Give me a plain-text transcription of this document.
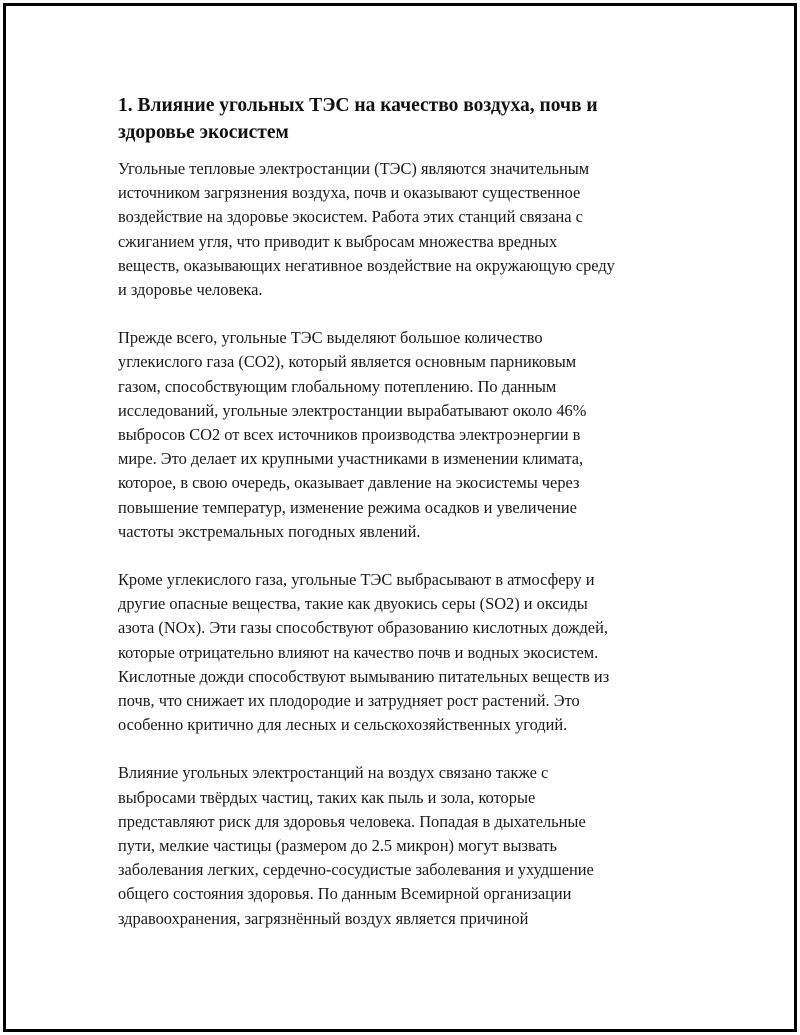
1. Влияние угольных ТЭС на качество воздуха, почв и
здоровье экосистем

Угольные тепловые электростанции (ТЭС) являются значительным
источником загрязнения воздуха, почв и оказывают существенное
воздействие на здоровье экосистем. Работа этих станций связана с
сжиганием угля, что приводит к выбросам множества вредных
веществ, оказывающих негативное воздействие на окружающую среду
и здоровье человека.

Прежде всего, угольные ТЭС выделяют большое количество
углекислого газа (CO2), который является основным парниковым
газом, способствующим глобальному потеплению. По данным
исследований, угольные электростанции вырабатывают около 46%
выбросов CO2 от всех источников производства электроэнергии в
мире. Это делает их крупными участниками в изменении климата,
которое, в свою очередь, оказывает давление на экосистемы через
повышение температур, изменение режима осадков и увеличение
частоты экстремальных погодных явлений.

Кроме углекислого газа, угольные ТЭС выбрасывают в атмосферу и
другие опасные вещества, такие как двуокись серы (SO2) и оксиды
азота (NOx). Эти газы способствуют образованию кислотных дождей,
которые отрицательно влияют на качество почв и водных экосистем.
Кислотные дожди способствуют вымыванию питательных веществ из
почв, что снижает их плодородие и затрудняет рост растений. Это
особенно критично для лесных и сельскохозяйственных угодий.

Влияние угольных электростанций на воздух связано также с
выбросами твёрдых частиц, таких как пыль и зола, которые
представляют риск для здоровья человека. Попадая в дыхательные
пути, мелкие частицы (размером до 2.5 микрон) могут вызвать
заболевания легких, сердечно-сосудистые заболевания и ухудшение
общего состояния здоровья. По данным Всемирной организации
здравоохранения, загрязнённый воздух является причиной
